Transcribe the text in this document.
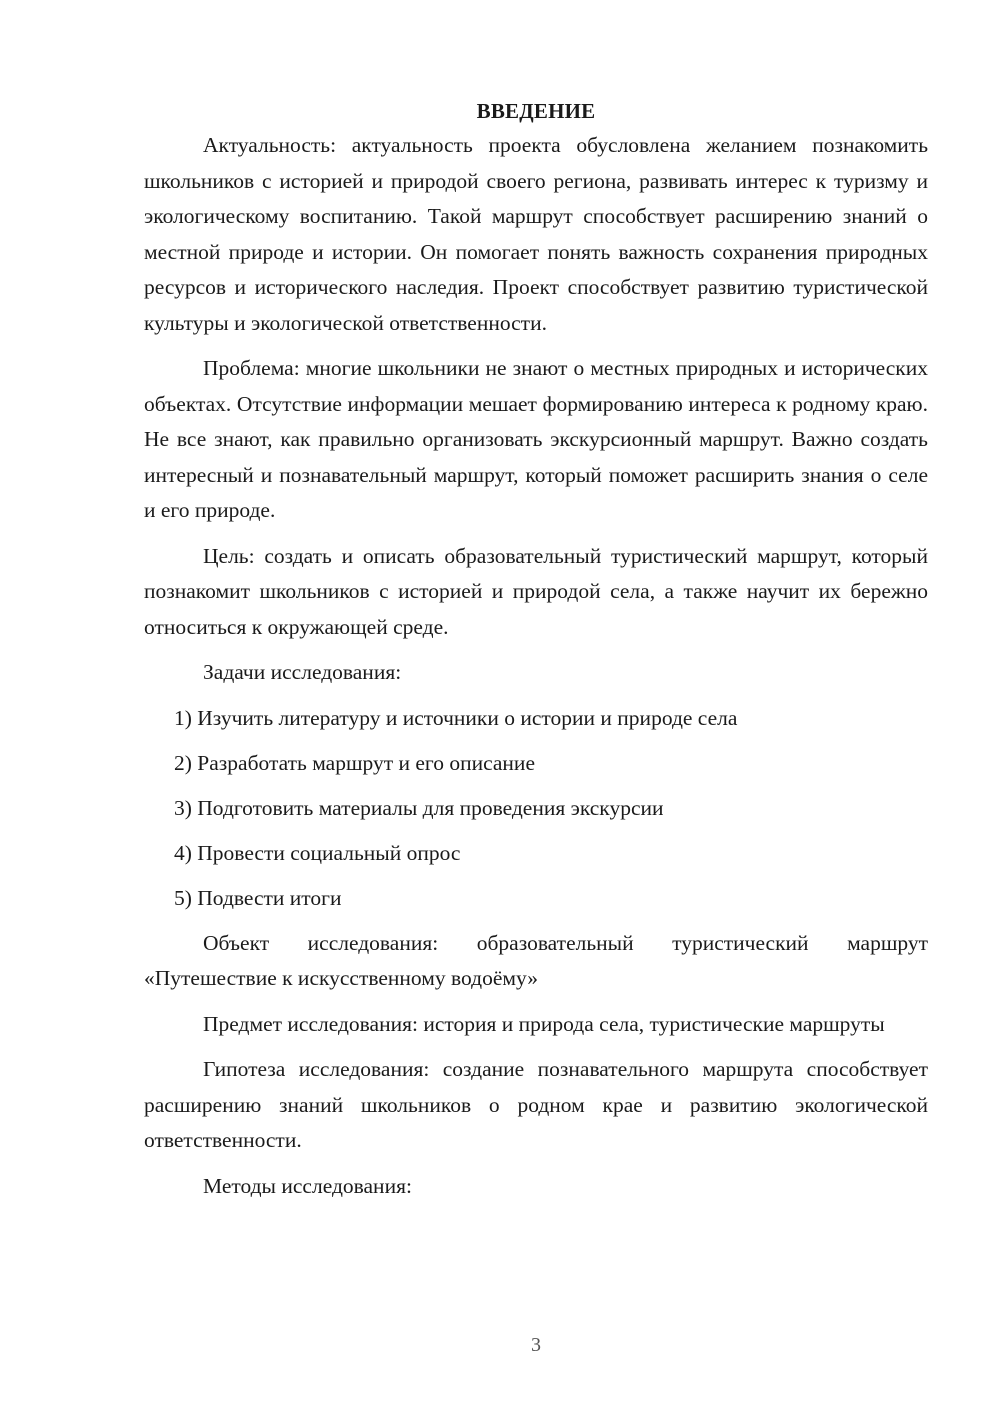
ВВЕДЕНИЕ

Актуальность: актуальность проекта обусловлена желанием познакомить школьников с историей и природой своего региона, развивать интерес к туризму и экологическому воспитанию. Такой маршрут способствует расширению знаний о местной природе и истории. Он помогает понять важность сохранения природных ресурсов и исторического наследия. Проект способствует развитию туристической культуры и экологической ответственности.

Проблема: многие школьники не знают о местных природных и исторических объектах. Отсутствие информации мешает формированию интереса к родному краю. Не все знают, как правильно организовать экскурсионный маршрут. Важно создать интересный и познавательный маршрут, который поможет расширить знания о селе и его природе.

Цель: создать и описать образовательный туристический маршрут, который познакомит школьников с историей и природой села, а также научит их бережно относиться к окружающей среде.

Задачи исследования:

1) Изучить литературу и источники о истории и природе села
2) Разработать маршрут и его описание
3) Подготовить материалы для проведения экскурсии
4) Провести социальный опрос
5) Подвести итоги

Объект исследования: образовательный туристический маршрут «Путешествие к искусственному водоёму»

Предмет исследования: история и природа села, туристические маршруты

Гипотеза исследования: создание познавательного маршрута способствует расширению знаний школьников о родном крае и развитию экологической ответственности.

Методы исследования:

3
